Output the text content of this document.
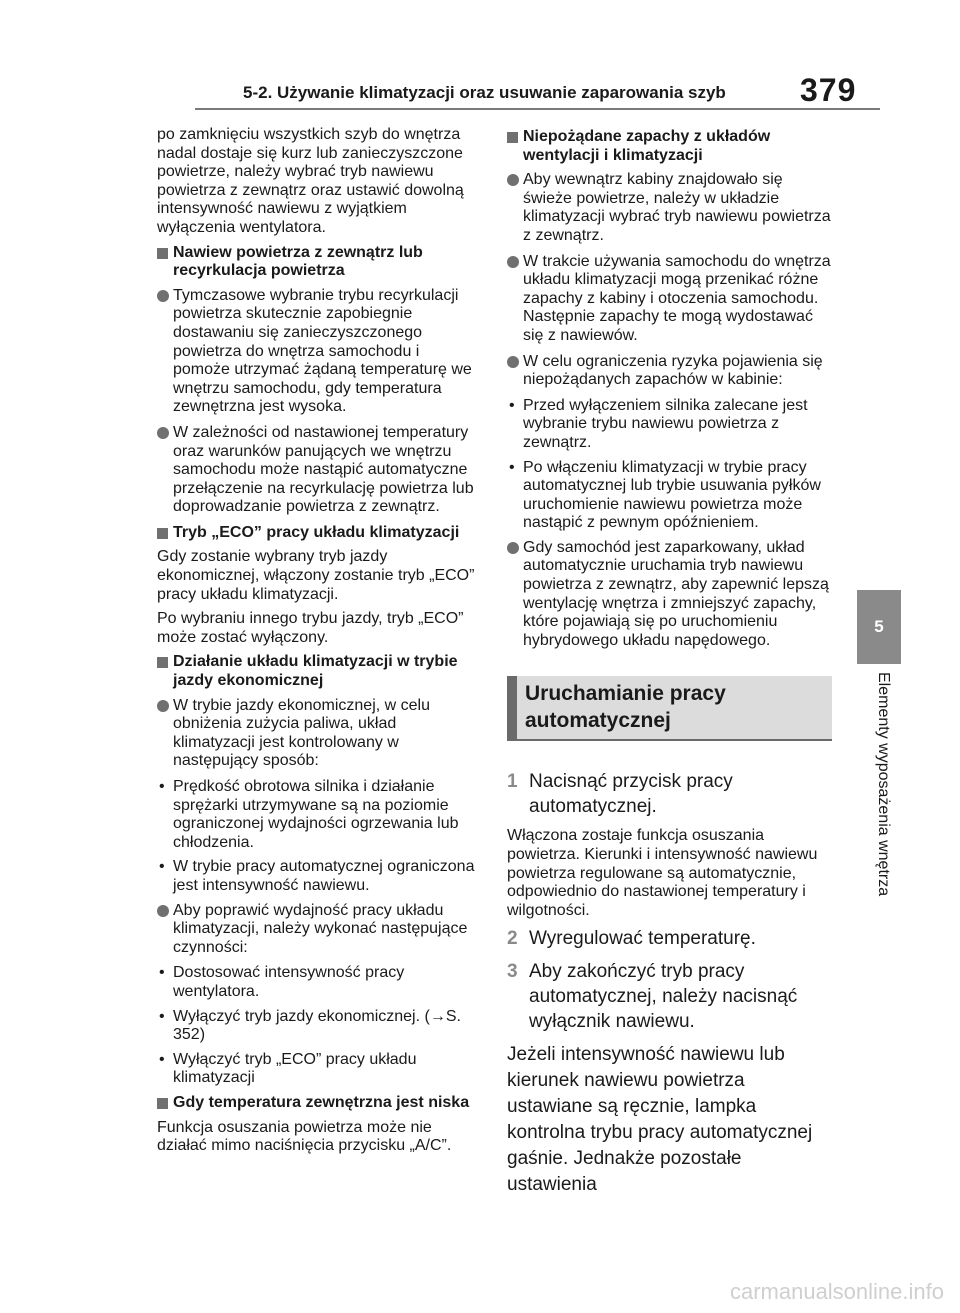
5-2. Używanie klimatyzacji oraz usuwanie zaparowania szyb 379
5
Elementy wyposażenia wnętrza

po zamknięciu wszystkich szyb do wnętrza nadal dostaje się kurz lub zanieczyszczone powietrze, należy wybrać tryb nawiewu powietrza z zewnątrz oraz ustawić dowolną intensywność nawiewu z wyjątkiem wyłączenia wentylatora.

Nawiew powietrza z zewnątrz lub recyrkulacja powietrza
Tymczasowe wybranie trybu recyrkulacji powietrza skutecznie zapobiegnie dostawaniu się zanieczyszczonego powietrza do wnętrza samochodu i pomoże utrzymać żądaną temperaturę we wnętrzu samochodu, gdy temperatura zewnętrzna jest wysoka.
W zależności od nastawionej temperatury oraz warunków panujących we wnętrzu samochodu może nastąpić automatyczne przełączenie na recyrkulację powietrza lub doprowadzanie powietrza z zewnątrz.
Tryb „ECO” pracy układu klimatyzacji

Gdy zostanie wybrany tryb jazdy ekonomicznej, włączony zostanie tryb „ECO” pracy układu klimatyzacji.

Po wybraniu innego trybu jazdy, tryb „ECO” może zostać wyłączony.

Działanie układu klimatyzacji w trybie jazdy ekonomicznej
W trybie jazdy ekonomicznej, w celu obniżenia zużycia paliwa, układ klimatyzacji jest kontrolowany w następujący sposób:
• Prędkość obrotowa silnika i działanie sprężarki utrzymywane są na poziomie ograniczonej wydajności ogrzewania lub chłodzenia.
• W trybie pracy automatycznej ograniczona jest intensywność nawiewu.
Aby poprawić wydajność pracy układu klimatyzacji, należy wykonać następujące czynności:
• Dostosować intensywność pracy wentylatora.
• Wyłączyć tryb jazdy ekonomicznej. (→S. 352)
• Wyłączyć tryb „ECO” pracy układu klimatyzacji
Gdy temperatura zewnętrzna jest niska

Funkcja osuszania powietrza może nie działać mimo naciśnięcia przycisku „A/C”.

Niepożądane zapachy z układów wentylacji i klimatyzacji
Aby wewnątrz kabiny znajdowało się świeże powietrze, należy w układzie klimatyzacji wybrać tryb nawiewu powietrza z zewnątrz.
W trakcie używania samochodu do wnętrza układu klimatyzacji mogą przenikać różne zapachy z kabiny i otoczenia samochodu. Następnie zapachy te mogą wydostawać się z nawiewów.
W celu ograniczenia ryzyka pojawienia się niepożądanych zapachów w kabinie:
• Przed wyłączeniem silnika zalecane jest wybranie trybu nawiewu powietrza z zewnątrz.
• Po włączeniu klimatyzacji w trybie pracy automatycznej lub trybie usuwania pyłków uruchomienie nawiewu powietrza może nastąpić z pewnym opóźnieniem.
Gdy samochód jest zaparkowany, układ automatycznie uruchamia tryb nawiewu powietrza z zewnątrz, aby zapewnić lepszą wentylację wnętrza i zmniejszyć zapachy, które pojawiają się po uruchomieniu hybrydowego układu napędowego.
Uruchamianie pracy automatycznej
1 Nacisnąć przycisk pracy automatycznej.

Włączona zostaje funkcja osuszania powietrza. Kierunki i intensywność nawiewu powietrza regulowane są automatycznie, odpowiednio do nastawionej temperatury i wilgotności.

2 Wyregulować temperaturę.
3 Aby zakończyć tryb pracy automatycznej, należy nacisnąć wyłącznik nawiewu.

Jeżeli intensywność nawiewu lub kierunek nawiewu powietrza ustawiane są ręcznie, lampka kontrolna trybu pracy automatycznej gaśnie. Jednakże pozostałe ustawienia

carmanualsonline.info
